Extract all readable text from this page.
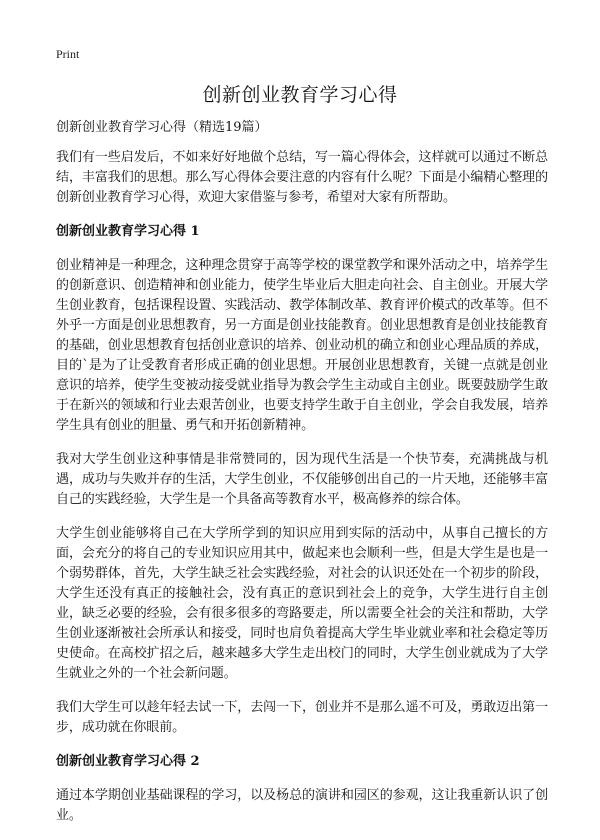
Print
创新创业教育学习心得

创新创业教育学习心得（精选19篇）

我们有一些启发后，不如来好好地做个总结，写一篇心得体会，这样就可以通过不断总结，丰富我们的思想。那么写心得体会要注意的内容有什么呢？下面是小编精心整理的创新创业教育学习心得，欢迎大家借鉴与参考，希望对大家有所帮助。

创新创业教育学习心得 1

创业精神是一种理念，这种理念贯穿于高等学校的课堂教学和课外活动之中，培养学生的创新意识、创造精神和创业能力，使学生毕业后大胆走向社会、自主创业。开展大学生创业教育，包括课程设置、实践活动、教学体制改革、教育评价模式的改革等。但不外乎一方面是创业思想教育，另一方面是创业技能教育。创业思想教育是创业技能教育的基础，创业思想教育包括创业意识的培养、创业动机的确立和创业心理品质的养成，目的`是为了让受教育者形成正确的创业思想。开展创业思想教育，关键一点就是创业意识的培养，使学生变被动接受就业指导为教会学生主动或自主创业。既要鼓励学生敢于在新兴的领域和行业去艰苦创业，也要支持学生敢于自主创业，学会自我发展，培养学生具有创业的胆量、勇气和开拓创新精神。

我对大学生创业这种事情是非常赞同的，因为现代生活是一个快节奏，充满挑战与机遇，成功与失败并存的生活，大学生创业，不仅能够创出自己的一片天地，还能够丰富自己的实践经验，大学生是一个具备高等教育水平，极高修养的综合体。

大学生创业能够将自己在大学所学到的知识应用到实际的活动中，从事自己擅长的方面，会充分的将自己的专业知识应用其中，做起来也会顺利一些，但是大学生是也是一个弱势群体，首先，大学生缺乏社会实践经验，对社会的认识还处在一个初步的阶段，大学生还没有真正的接触社会，没有真正的意识到社会上的竞争，大学生进行自主创业，缺乏必要的经验，会有很多很多的弯路要走，所以需要全社会的关注和帮助，大学生创业逐渐被社会所承认和接受，同时也肩负着提高大学生毕业就业率和社会稳定等历史使命。在高校扩招之后，越来越多大学生走出校门的同时，大学生创业就成为了大学生就业之外的一个社会新问题。

我们大学生可以趁年轻去试一下，去闯一下，创业并不是那么遥不可及，勇敢迈出第一步，成功就在你眼前。

创新创业教育学习心得 2

通过本学期创业基础课程的学习，以及杨总的演讲和园区的参观，这让我重新认识了创业。
